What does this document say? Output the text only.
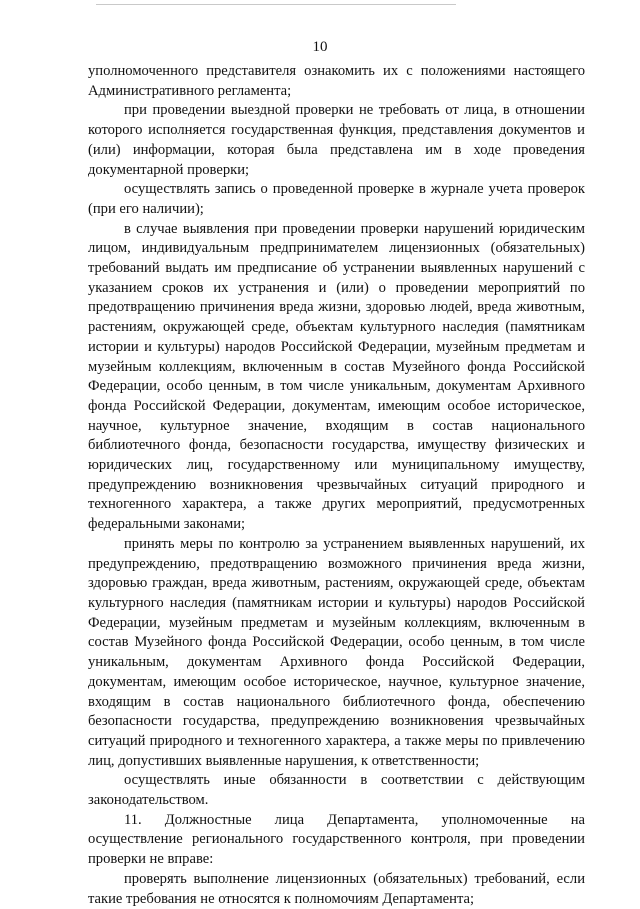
10

уполномоченного представителя ознакомить их с положениями настоящего Административного регламента;

при проведении выездной проверки не требовать от лица, в отношении которого исполняется государственная функция, представления документов и (или) информации, которая была представлена им в ходе проведения документарной проверки;

осуществлять запись о проведенной проверке в журнале учета проверок (при его наличии);

в случае выявления при проведении проверки нарушений юридическим лицом, индивидуальным предпринимателем лицензионных (обязательных) требований выдать им предписание об устранении выявленных нарушений с указанием сроков их устранения и (или) о проведении мероприятий по предотвращению причинения вреда жизни, здоровью людей, вреда животным, растениям, окружающей среде, объектам культурного наследия (памятникам истории и культуры) народов Российской Федерации, музейным предметам и музейным коллекциям, включенным в состав Музейного фонда Российской Федерации, особо ценным, в том числе уникальным, документам Архивного фонда Российской Федерации, документам, имеющим особое историческое, научное, культурное значение, входящим в состав национального библиотечного фонда, безопасности государства, имуществу физических и юридических лиц, государственному или муниципальному имуществу, предупреждению возникновения чрезвычайных ситуаций природного и техногенного характера, а также других мероприятий, предусмотренных федеральными законами;

принять меры по контролю за устранением выявленных нарушений, их предупреждению, предотвращению возможного причинения вреда жизни, здоровью граждан, вреда животным, растениям, окружающей среде, объектам культурного наследия (памятникам истории и культуры) народов Российской Федерации, музейным предметам и музейным коллекциям, включенным в состав Музейного фонда Российской Федерации, особо ценным, в том числе уникальным, документам Архивного фонда Российской Федерации, документам, имеющим особое историческое, научное, культурное значение, входящим в состав национального библиотечного фонда, обеспечению безопасности государства, предупреждению возникновения чрезвычайных ситуаций природного и техногенного характера, а также меры по привлечению лиц, допустивших выявленные нарушения, к ответственности;

осуществлять иные обязанности в соответствии с действующим законодательством.

11. Должностные лица Департамента, уполномоченные на осуществление регионального государственного контроля, при проведении проверки не вправе:

проверять выполнение лицензионных (обязательных) требований, если такие требования не относятся к полномочиям Департамента;
